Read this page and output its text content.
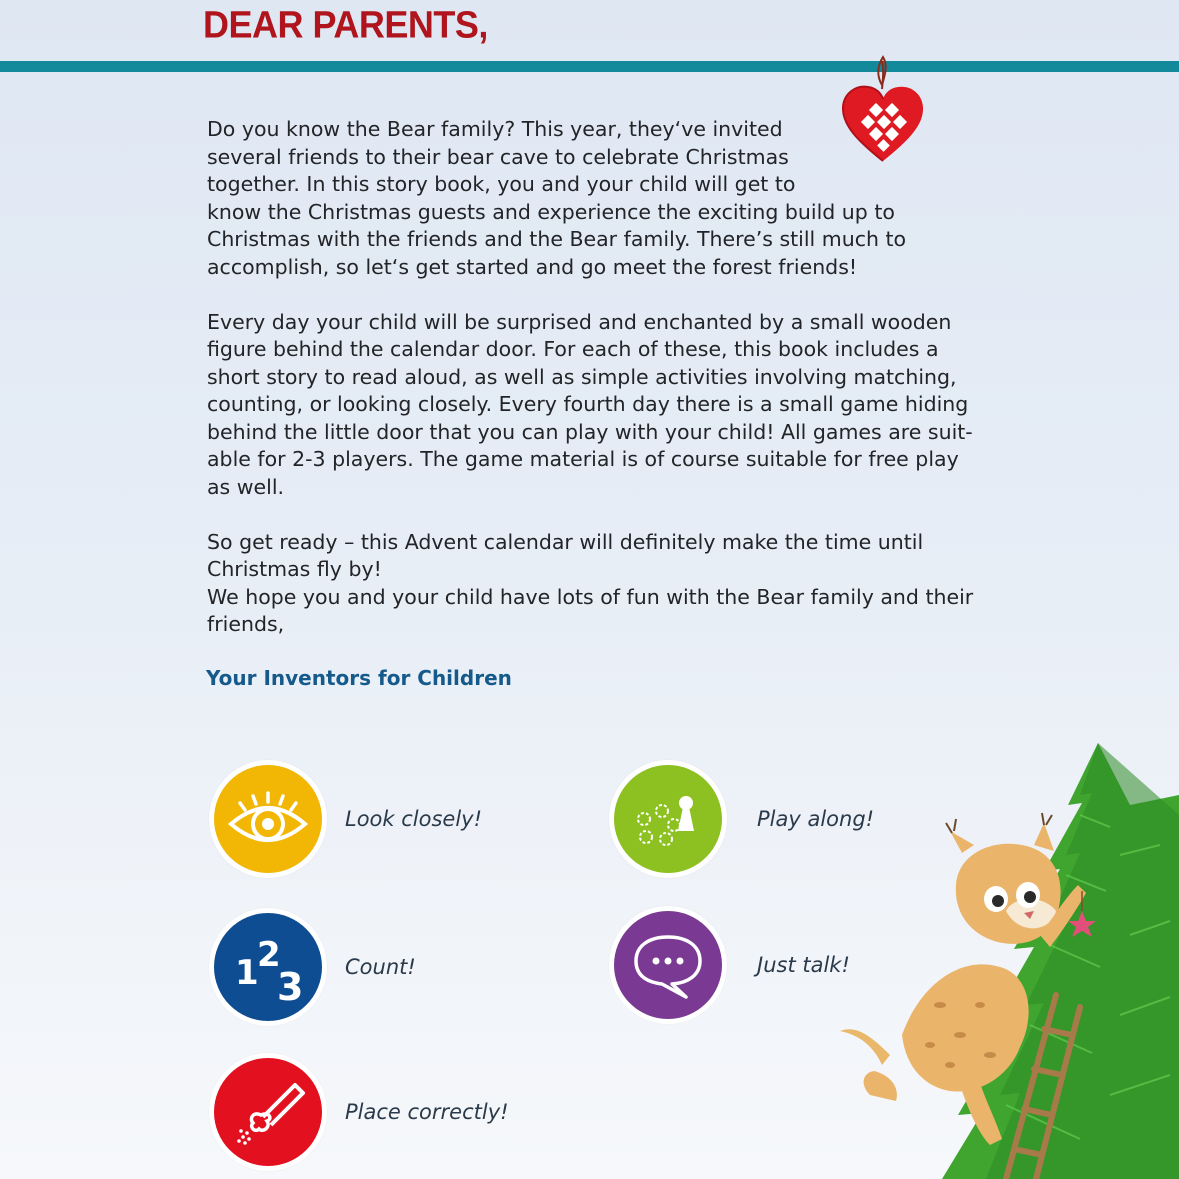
DEAR PARENTS,

Do you know the Bear family? This year, they‘ve invited
several friends to their bear cave to celebrate Christmas
together. In this story book, you and your child will get to
know the Christmas guests and experience the exciting build up to
Christmas with the friends and the Bear family. There’s still much to
accomplish, so let‘s get started and go meet the forest friends!

Every day your child will be surprised and enchanted by a small wooden
figure behind the calendar door. For each of these, this book includes a
short story to read aloud, as well as simple activities involving matching,
counting, or looking closely. Every fourth day there is a small game hiding
behind the little door that you can play with your child! All games are suit-
able for 2-3 players. The game material is of course suitable for free play
as well.

So get ready – this Advent calendar will definitely make the time until
Christmas fly by!
We hope you and your child have lots of fun with the Bear family and their
friends,

Your Inventors for Children

Look closely!	Play along!
1
2
3 Count!	Just talk!
Place correctly!
